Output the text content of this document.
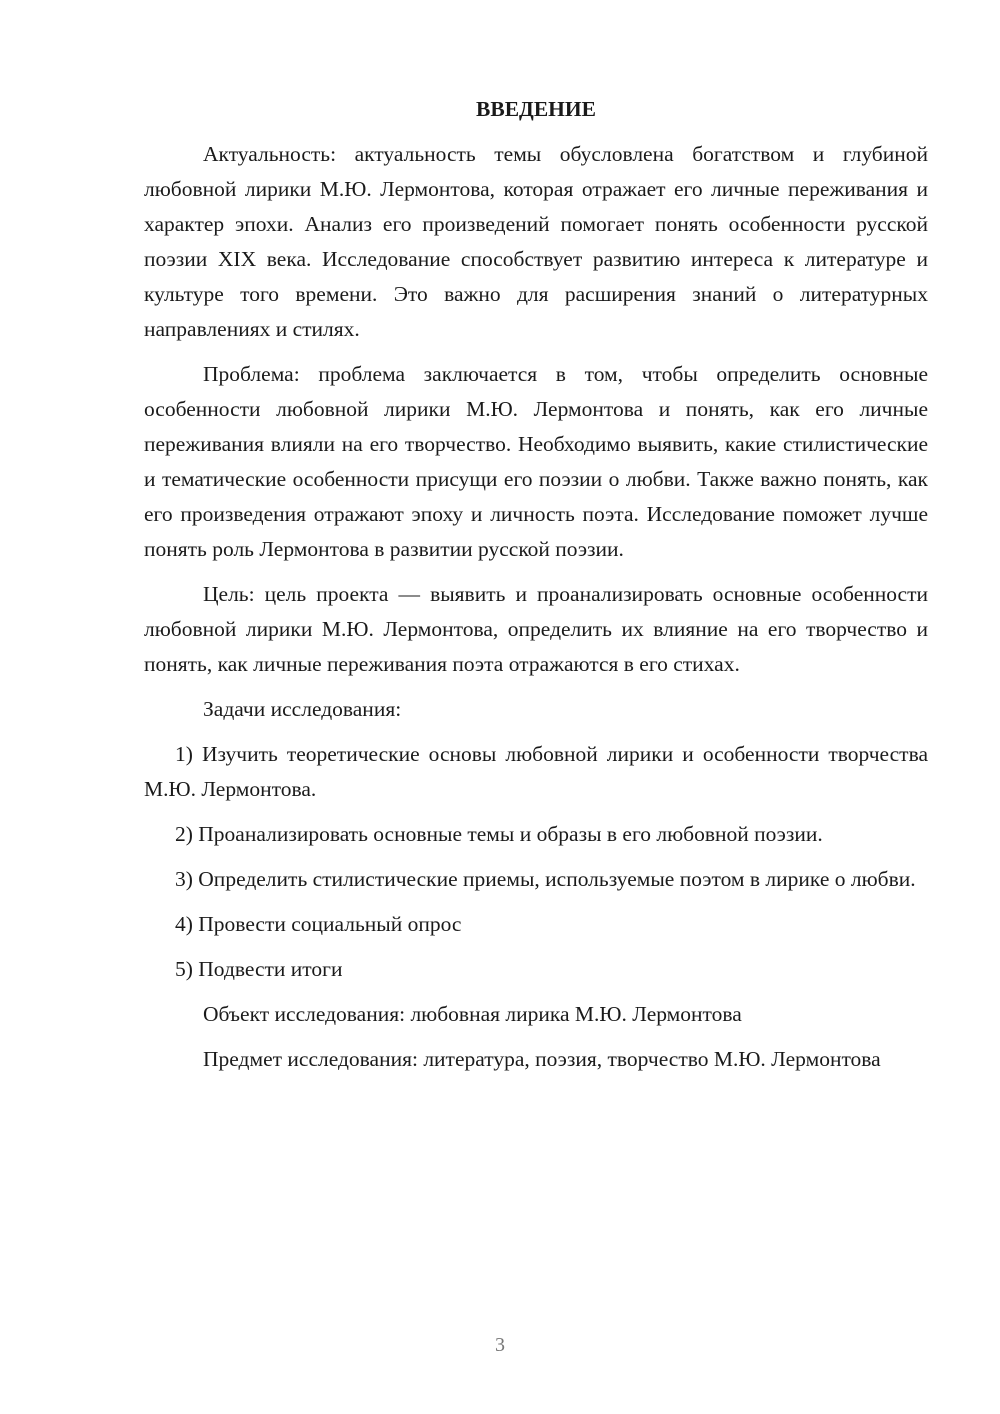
ВВЕДЕНИЕ

Актуальность: актуальность темы обусловлена богатством и глубиной любовной лирики М.Ю. Лермонтова, которая отражает его личные переживания и характер эпохи. Анализ его произведений помогает понять особенности русской поэзии XIX века. Исследование способствует развитию интереса к литературе и культуре того времени. Это важно для расширения знаний о литературных направлениях и стилях.

Проблема: проблема заключается в том, чтобы определить основные особенности любовной лирики М.Ю. Лермонтова и понять, как его личные переживания влияли на его творчество. Необходимо выявить, какие стилистические и тематические особенности присущи его поэзии о любви. Также важно понять, как его произведения отражают эпоху и личность поэта. Исследование поможет лучше понять роль Лермонтова в развитии русской поэзии.

Цель: цель проекта — выявить и проанализировать основные особенности любовной лирики М.Ю. Лермонтова, определить их влияние на его творчество и понять, как личные переживания поэта отражаются в его стихах.

Задачи исследования:

1) Изучить теоретические основы любовной лирики и особенности творчества М.Ю. Лермонтова.

2) Проанализировать основные темы и образы в его любовной поэзии.

3) Определить стилистические приемы, используемые поэтом в лирике о любви.

4) Провести социальный опрос

5) Подвести итоги

Объект исследования: любовная лирика М.Ю. Лермонтова

Предмет исследования: литература, поэзия, творчество М.Ю. Лермонтова

3
